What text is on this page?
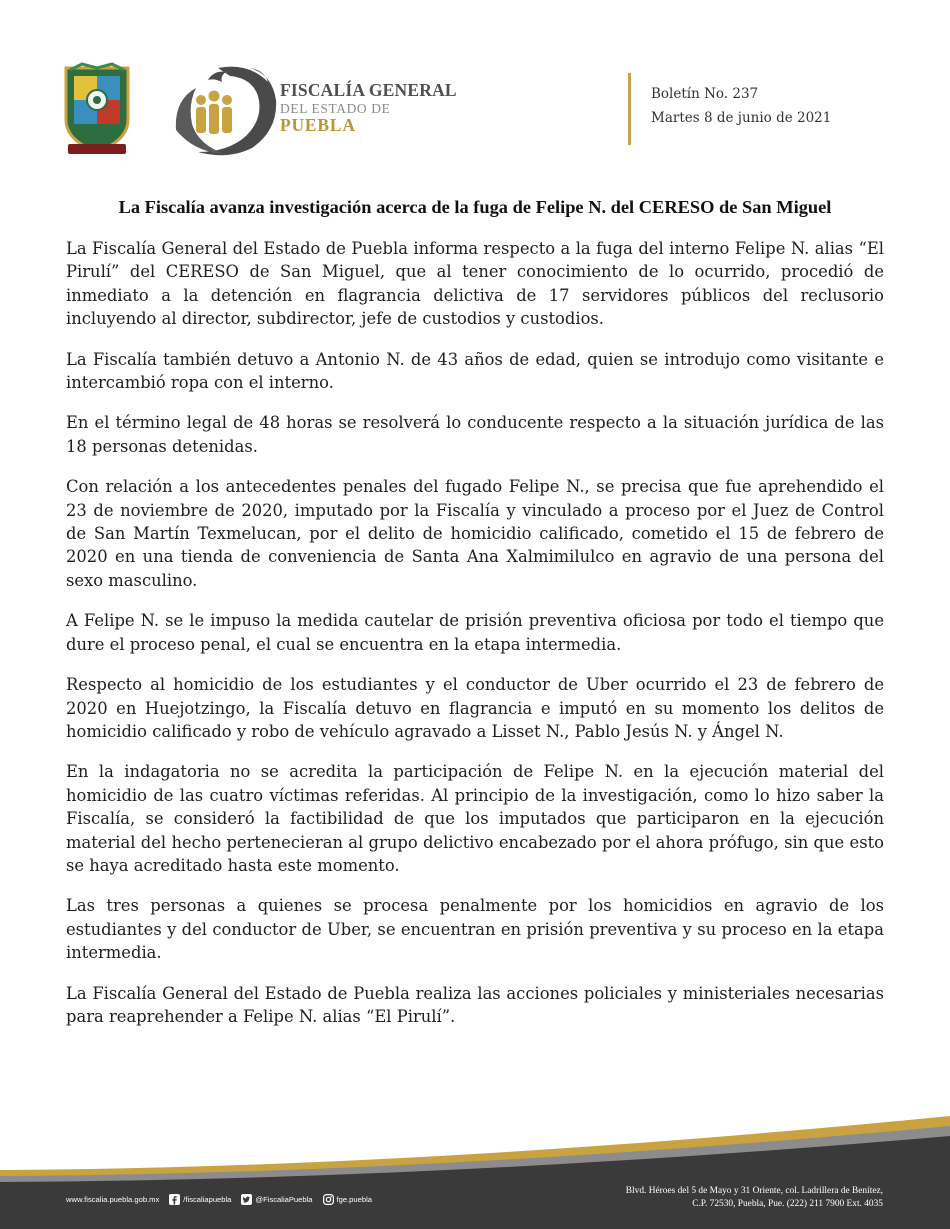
FISCALÍA GENERAL
DEL ESTADO DE
PUEBLA
Boletín No. 237
Martes 8 de junio de 2021
La Fiscalía avanza investigación acerca de la fuga de Felipe N. del CERESO de San Miguel

La Fiscalía General del Estado de Puebla informa respecto a la fuga del interno Felipe N. alias “El Pirulí” del CERESO de San Miguel, que al tener conocimiento de lo ocurrido, procedió de inmediato a la detención en flagrancia delictiva de 17 servidores públicos del reclusorio incluyendo al director, subdirector, jefe de custodios y custodios.

La Fiscalía también detuvo a Antonio N. de 43 años de edad, quien se introdujo como visitante e intercambió ropa con el interno.

En el término legal de 48 horas se resolverá lo conducente respecto a la situación jurídica de las 18 personas detenidas.

Con relación a los antecedentes penales del fugado Felipe N., se precisa que fue aprehendido el 23 de noviembre de 2020, imputado por la Fiscalía y vinculado a proceso por el Juez de Control de San Martín Texmelucan, por el delito de homicidio calificado, cometido el 15 de febrero de 2020 en una tienda de conveniencia de Santa Ana Xalmimilulco en agravio de una persona del sexo masculino.

A Felipe N. se le impuso la medida cautelar de prisión preventiva oficiosa por todo el tiempo que dure el proceso penal, el cual se encuentra en la etapa intermedia.

Respecto al homicidio de los estudiantes y el conductor de Uber ocurrido el 23 de febrero de 2020 en Huejotzingo, la Fiscalía detuvo en flagrancia e imputó en su momento los delitos de homicidio calificado y robo de vehículo agravado a Lisset N., Pablo Jesús N. y Ángel N.

En la indagatoria no se acredita la participación de Felipe N. en la ejecución material del homicidio de las cuatro víctimas referidas. Al principio de la investigación, como lo hizo saber la Fiscalía, se consideró la factibilidad de que los imputados que participaron en la ejecución material del hecho pertenecieran al grupo delictivo encabezado por el ahora prófugo, sin que esto se haya acreditado hasta este momento.

Las tres personas a quienes se procesa penalmente por los homicidios en agravio de los estudiantes y del conductor de Uber, se encuentran en prisión preventiva y su proceso en la etapa intermedia.

La Fiscalía General del Estado de Puebla realiza las acciones policiales y ministeriales necesarias para reaprehender a Felipe N. alias “El Pirulí”.

www.fiscalia.puebla.gob.mx	/fiscaliapuebla	@FiscaliaPuebla	fge.puebla
Blvd. Héroes del 5 de Mayo y 31 Oriente, col. Ladrillera de Benítez,
C.P. 72530, Puebla, Pue. (222) 211 7900 Ext. 4035
